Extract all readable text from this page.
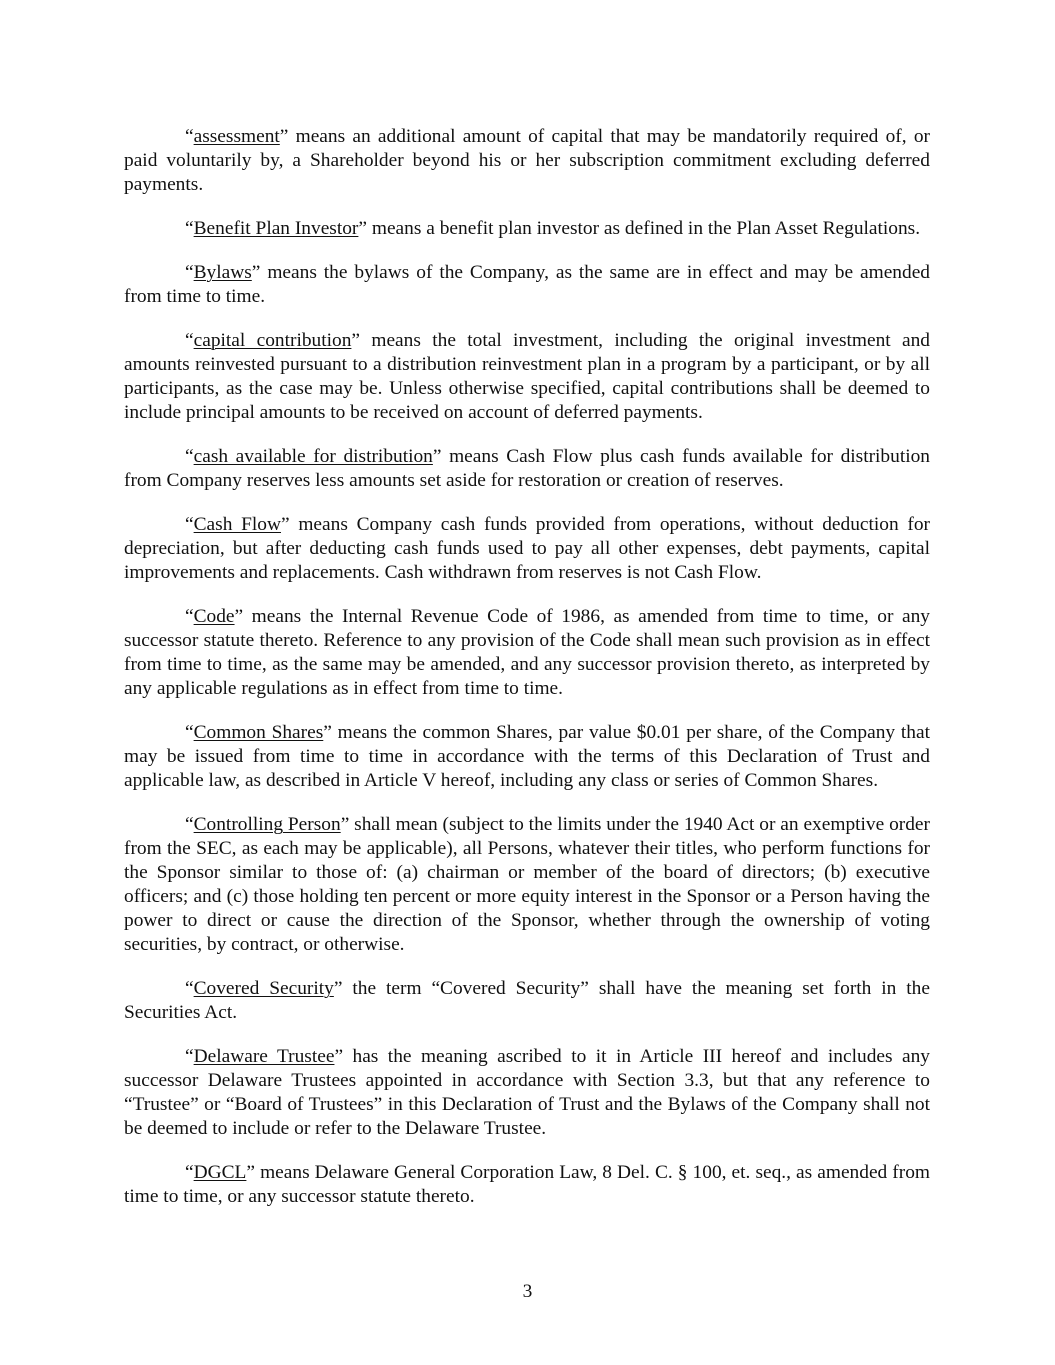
“assessment” means an additional amount of capital that may be mandatorily required of, or paid voluntarily by, a Shareholder beyond his or her subscription commitment excluding deferred payments.

“Benefit Plan Investor” means a benefit plan investor as defined in the Plan Asset Regulations.

“Bylaws” means the bylaws of the Company, as the same are in effect and may be amended from time to time.

“capital contribution” means the total investment, including the original investment and amounts reinvested pursuant to a distribution reinvestment plan in a program by a participant, or by all participants, as the case may be. Unless otherwise specified, capital contributions shall be deemed to include principal amounts to be received on account of deferred payments.

“cash available for distribution” means Cash Flow plus cash funds available for distribution from Company reserves less amounts set aside for restoration or creation of reserves.

“Cash Flow” means Company cash funds provided from operations, without deduction for depreciation, but after deducting cash funds used to pay all other expenses, debt payments, capital improvements and replacements. Cash withdrawn from reserves is not Cash Flow.

“Code” means the Internal Revenue Code of 1986, as amended from time to time, or any successor statute thereto. Reference to any provision of the Code shall mean such provision as in effect from time to time, as the same may be amended, and any successor provision thereto, as interpreted by any applicable regulations as in effect from time to time.

“Common Shares” means the common Shares, par value $0.01 per share, of the Company that may be issued from time to time in accordance with the terms of this Declaration of Trust and applicable law, as described in Article V hereof, including any class or series of Common Shares.

“Controlling Person” shall mean (subject to the limits under the 1940 Act or an exemptive order from the SEC, as each may be applicable), all Persons, whatever their titles, who perform functions for the Sponsor similar to those of: (a) chairman or member of the board of directors; (b) executive officers; and (c) those holding ten percent or more equity interest in the Sponsor or a Person having the power to direct or cause the direction of the Sponsor, whether through the ownership of voting securities, by contract, or otherwise.

“Covered Security” the term “Covered Security” shall have the meaning set forth in the Securities Act.

“Delaware Trustee” has the meaning ascribed to it in Article III hereof and includes any successor Delaware Trustees appointed in accordance with Section 3.3, but that any reference to “Trustee” or “Board of Trustees” in this Declaration of Trust and the Bylaws of the Company shall not be deemed to include or refer to the Delaware Trustee.

“DGCL” means Delaware General Corporation Law, 8 Del. C. § 100, et. seq., as amended from time to time, or any successor statute thereto.

3
